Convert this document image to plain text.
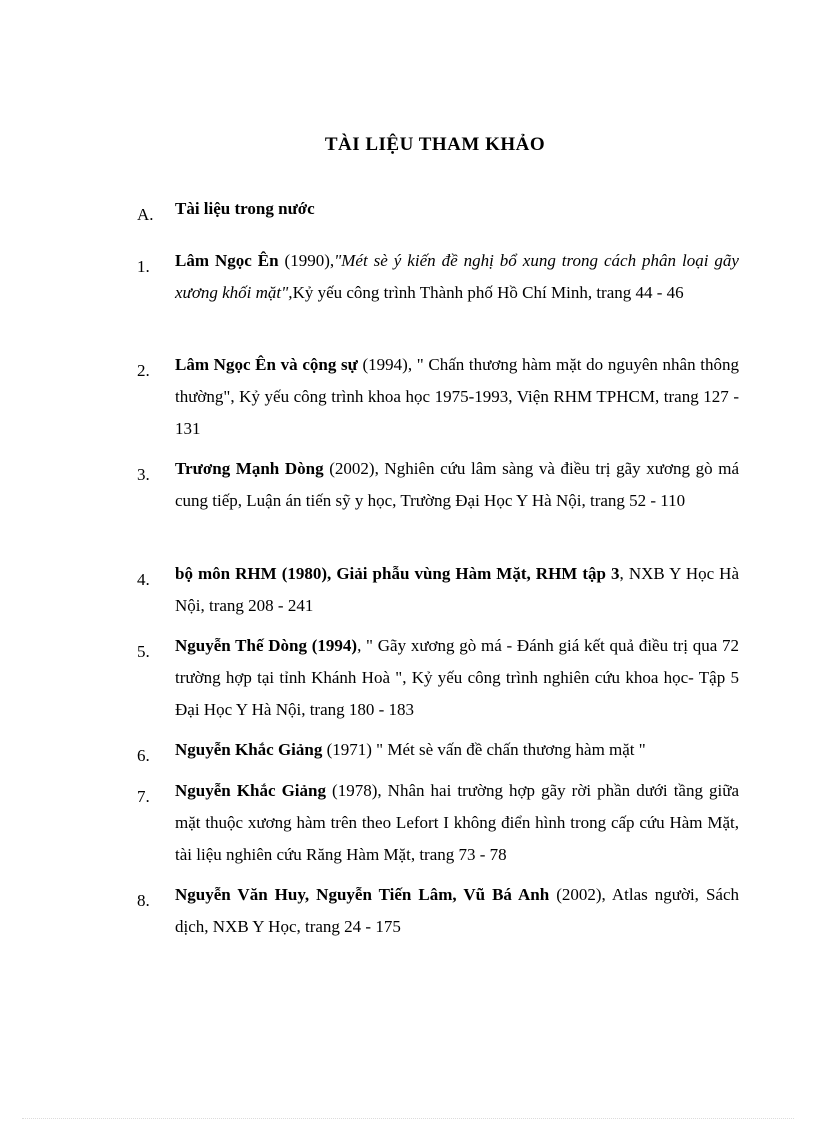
TÀI LIỆU THAM KHẢO
A.	Tài liệu trong nước
1. Lâm Ngọc Ên (1990),"Mét sè ý kiến đề nghị bổ xung trong cách phân loại gãy xương khối mặt",Kỷ yếu công trình Thành phố Hồ Chí Minh, trang 44 - 46
2. Lâm Ngọc Ên và cộng sự (1994), " Chấn thương hàm mặt do nguyên nhân thông thường", Kỷ yếu công trình khoa học 1975-1993, Viện RHM TPHCM, trang 127 - 131
3. Trương Mạnh Dòng (2002), Nghiên cứu lâm sàng và điều trị gãy xương gò má cung tiếp, Luận án tiến sỹ y học, Trường Đại Học Y Hà Nội, trang 52 - 110
4. bộ môn RHM (1980), Giải phẫu vùng Hàm Mặt, RHM tập 3, NXB Y Học Hà Nội, trang 208 - 241
5. Nguyễn Thế Dòng (1994), " Gãy xương gò má - Đánh giá kết quả điều trị qua 72 trường hợp tại tỉnh Khánh Hoà ", Kỷ yếu công trình nghiên cứu khoa học- Tập 5 Đại Học Y Hà Nội, trang 180 - 183
6. Nguyễn Khắc Giảng (1971) " Mét sè vấn đề chấn thương hàm mặt "
7. Nguyễn Khắc Giảng (1978), Nhân hai trường hợp gãy rời phần dưới tầng giữa mặt thuộc xương hàm trên theo Lefort I không điển hình trong cấp cứu Hàm Mặt, tài liệu nghiên cứu Răng Hàm Mặt, trang 73 - 78
8. Nguyễn Văn Huy, Nguyễn Tiến Lâm, Vũ Bá Anh (2002), Atlas người, Sách dịch, NXB Y Học, trang 24 - 175
